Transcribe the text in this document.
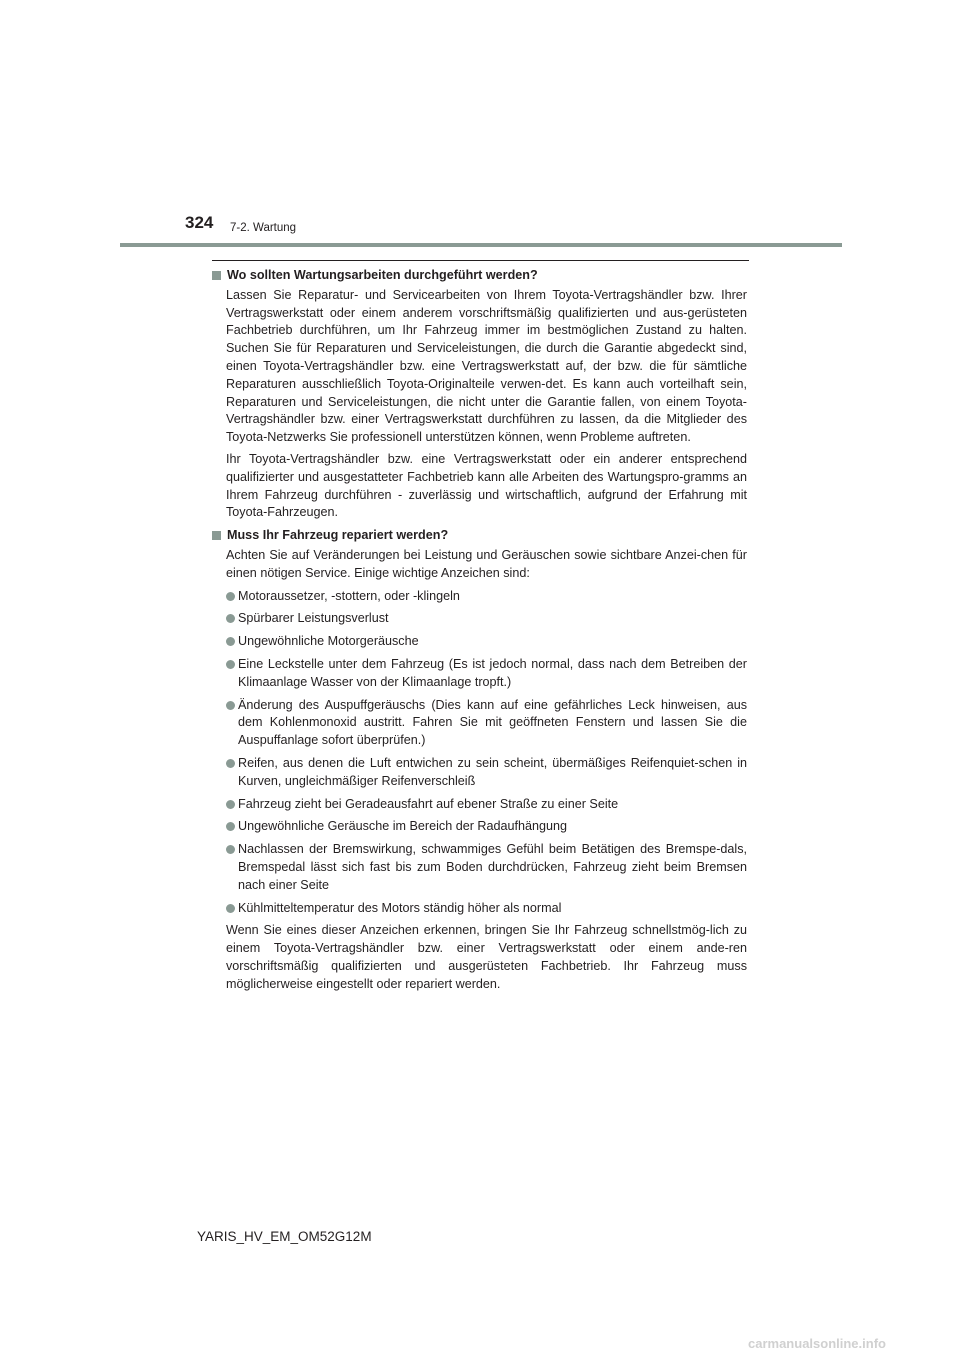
324 7-2. Wartung
Wo sollten Wartungsarbeiten durchgeführt werden?

Lassen Sie Reparatur- und Servicearbeiten von Ihrem Toyota-Vertragshändler bzw. Ihrer Vertragswerkstatt oder einem anderem vorschriftsmäßig qualifizierten und aus-gerüsteten Fachbetrieb durchführen, um Ihr Fahrzeug immer im bestmöglichen Zustand zu halten. Suchen Sie für Reparaturen und Serviceleistungen, die durch die Garantie abgedeckt sind, einen Toyota-Vertragshändler bzw. eine Vertragswerkstatt auf, der bzw. die für sämtliche Reparaturen ausschließlich Toyota-Originalteile verwen-det. Es kann auch vorteilhaft sein, Reparaturen und Serviceleistungen, die nicht unter die Garantie fallen, von einem Toyota-Vertragshändler bzw. einer Vertragswerkstatt durchführen zu lassen, da die Mitglieder des Toyota-Netzwerks Sie professionell unterstützen können, wenn Probleme auftreten.

Ihr Toyota-Vertragshändler bzw. eine Vertragswerkstatt oder ein anderer entsprechend qualifizierter und ausgestatteter Fachbetrieb kann alle Arbeiten des Wartungspro-gramms an Ihrem Fahrzeug durchführen - zuverlässig und wirtschaftlich, aufgrund der Erfahrung mit Toyota-Fahrzeugen.

Muss Ihr Fahrzeug repariert werden?

Achten Sie auf Veränderungen bei Leistung und Geräuschen sowie sichtbare Anzei-chen für einen nötigen Service. Einige wichtige Anzeichen sind:

Motoraussetzer, -stottern, oder -klingeln
Spürbarer Leistungsverlust
Ungewöhnliche Motorgeräusche
Eine Leckstelle unter dem Fahrzeug (Es ist jedoch normal, dass nach dem Betreiben der Klimaanlage Wasser von der Klimaanlage tropft.)
Änderung des Auspuffgeräuschs (Dies kann auf eine gefährliches Leck hinweisen, aus dem Kohlenmonoxid austritt. Fahren Sie mit geöffneten Fenstern und lassen Sie die Auspuffanlage sofort überprüfen.)
Reifen, aus denen die Luft entwichen zu sein scheint, übermäßiges Reifenquiet-schen in Kurven, ungleichmäßiger Reifenverschleiß
Fahrzeug zieht bei Geradeausfahrt auf ebener Straße zu einer Seite
Ungewöhnliche Geräusche im Bereich der Radaufhängung
Nachlassen der Bremswirkung, schwammiges Gefühl beim Betätigen des Bremspe-dals, Bremspedal lässt sich fast bis zum Boden durchdrücken, Fahrzeug zieht beim Bremsen nach einer Seite
Kühlmitteltemperatur des Motors ständig höher als normal

Wenn Sie eines dieser Anzeichen erkennen, bringen Sie Ihr Fahrzeug schnellstmög-lich zu einem Toyota-Vertragshändler bzw. einer Vertragswerkstatt oder einem ande-ren vorschriftsmäßig qualifizierten und ausgerüsteten Fachbetrieb. Ihr Fahrzeug muss möglicherweise eingestellt oder repariert werden.

YARIS_HV_EM_OM52G12M
carmanualsonline.info
